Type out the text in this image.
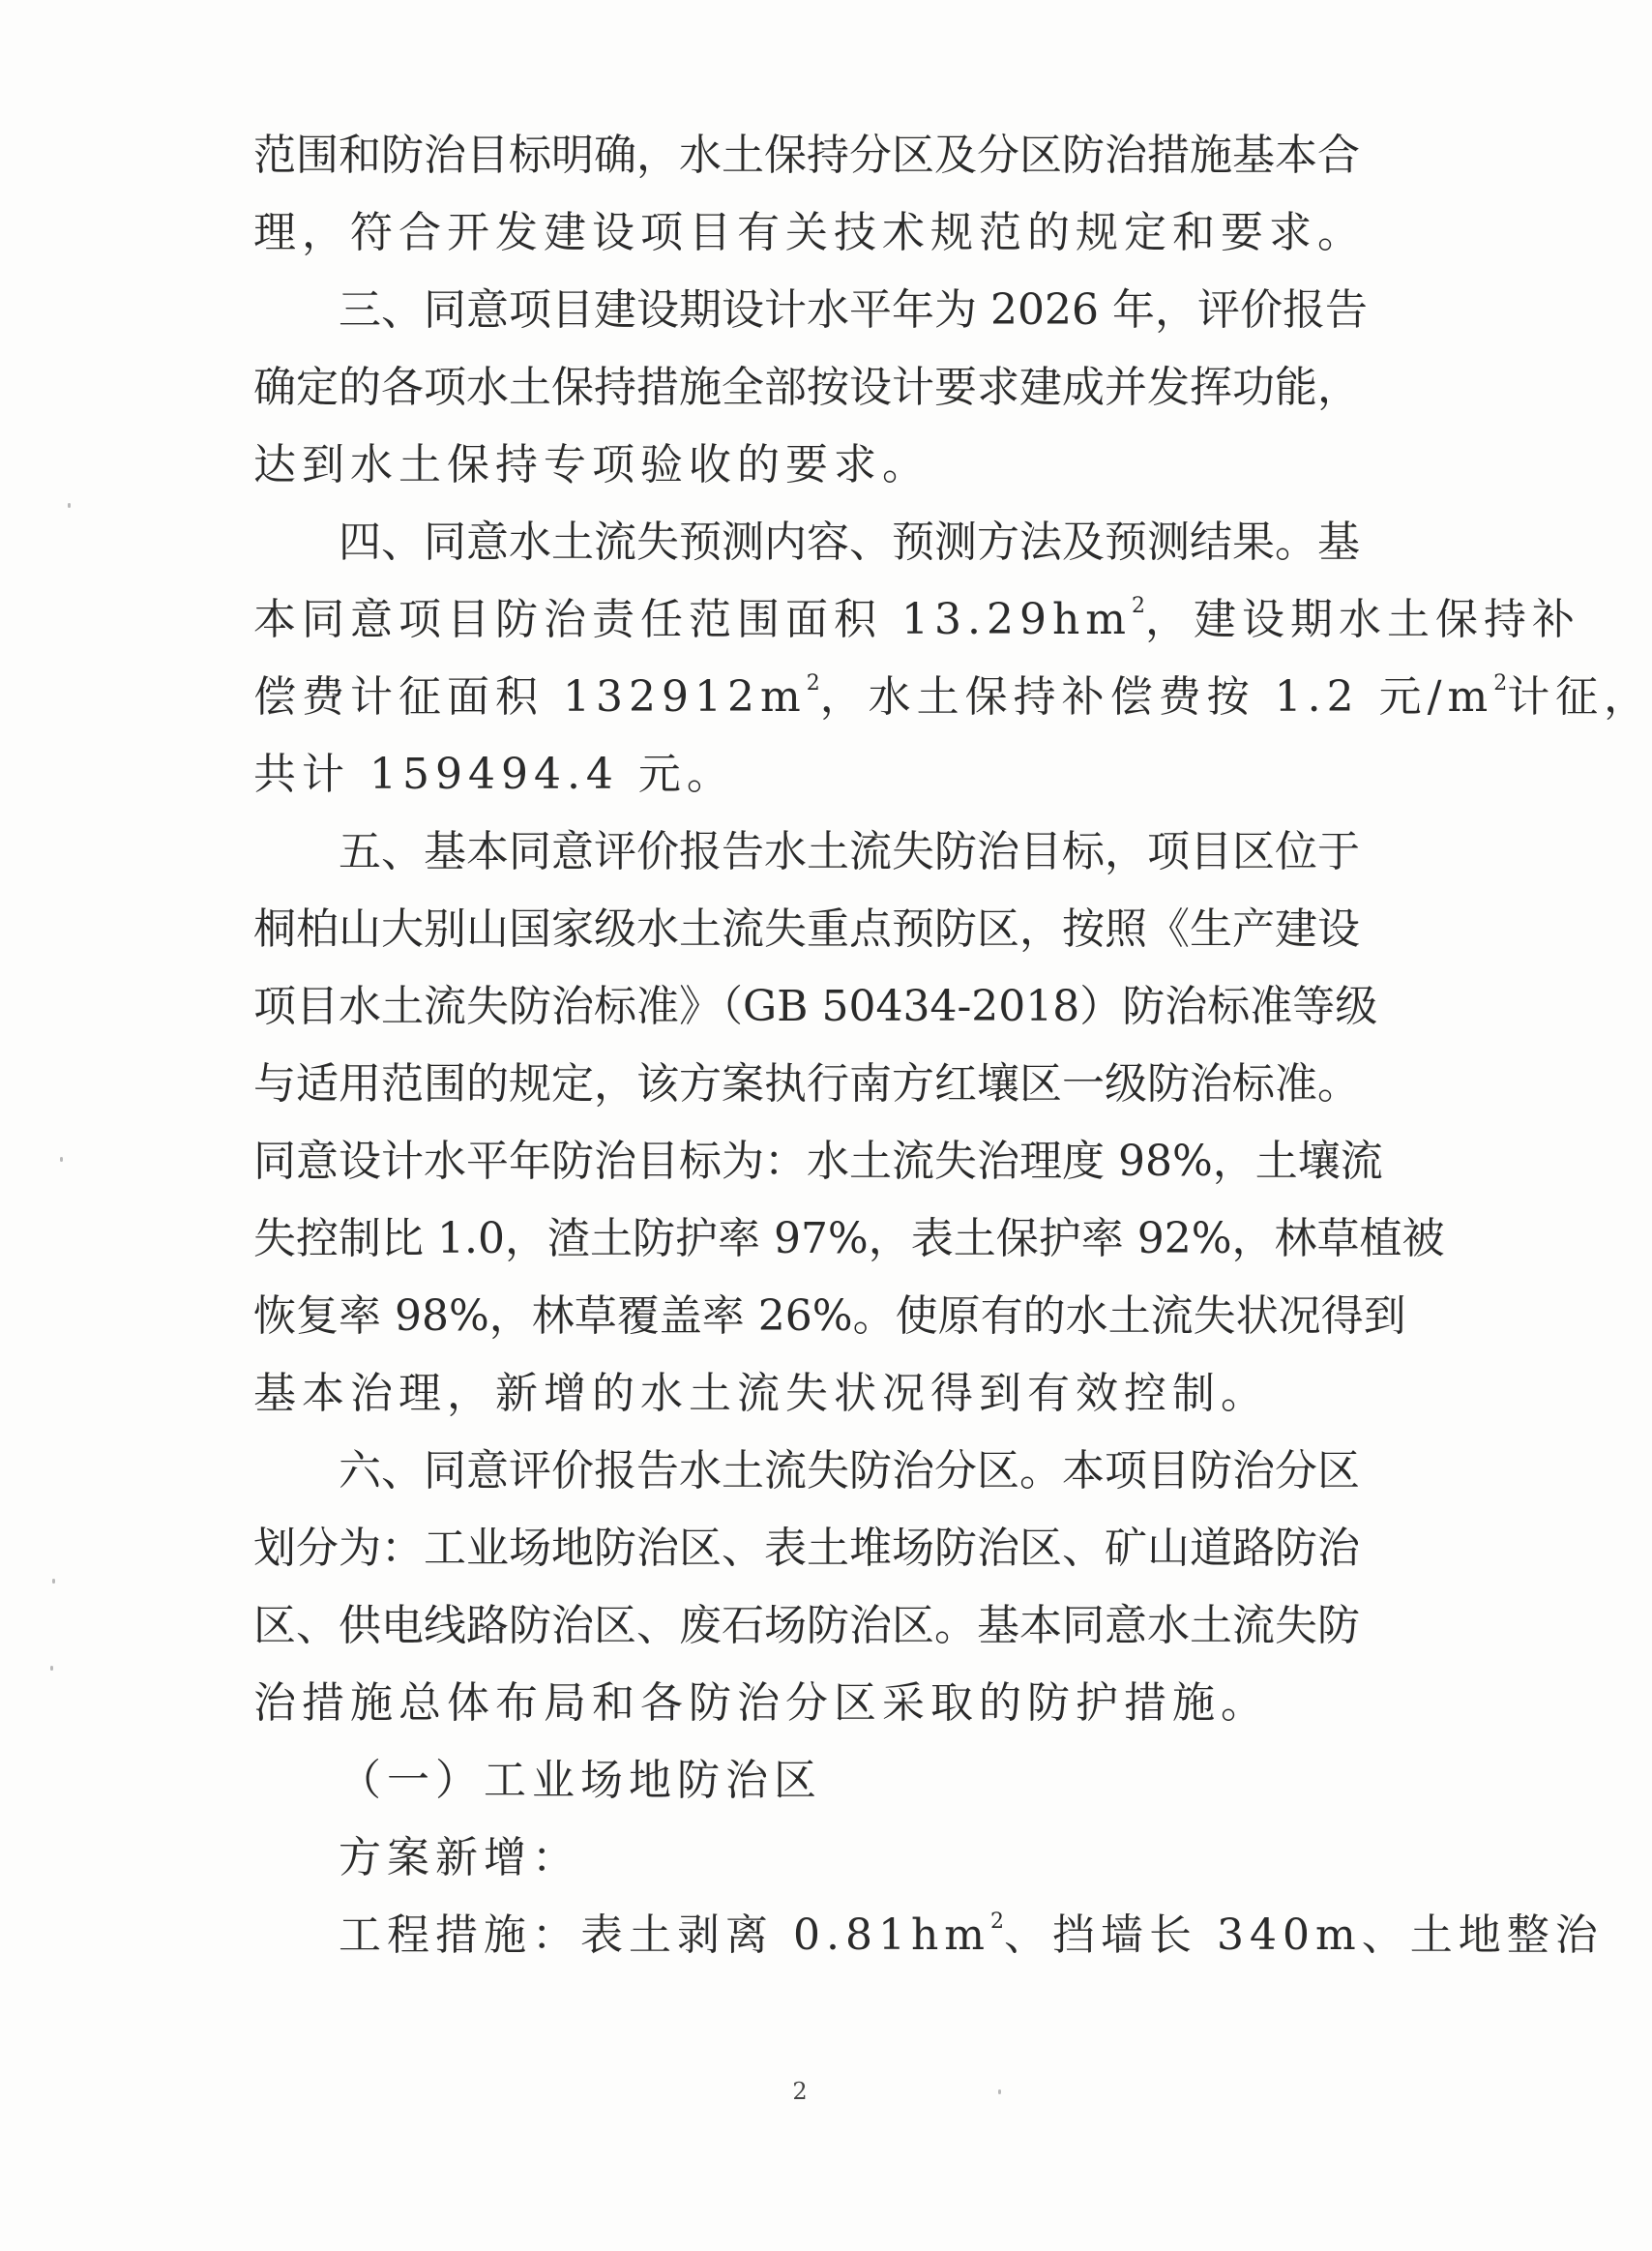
范围和防治目标明确，水土保持分区及分区防治措施基本合
理，符合开发建设项目有关技术规范的规定和要求。
三、同意项目建设期设计水平年为 2026 年，评价报告
确定的各项水土保持措施全部按设计要求建成并发挥功能，
达到水土保持专项验收的要求。
四、同意水土流失预测内容、预测方法及预测结果。基
本同意项目防治责任范围面积 $13.29hm^2$，建设期水土保持补
偿费计征面积 $132912m^2$，水土保持补偿费按 1.2 元$/m^2$计征，
共计 159494.4 元。
五、基本同意评价报告水土流失防治目标，项目区位于
桐柏山大别山国家级水土流失重点预防区，按照《生产建设
项目水土流失防治标准》（GB 50434-2018）防治标准等级
与适用范围的规定，该方案执行南方红壤区一级防治标准。
同意设计水平年防治目标为：水土流失治理度 98%，土壤流
失控制比 1.0，渣土防护率 97%，表土保护率 92%，林草植被
恢复率 98%，林草覆盖率 26%。使原有的水土流失状况得到
基本治理，新增的水土流失状况得到有效控制。
六、同意评价报告水土流失防治分区。本项目防治分区
划分为：工业场地防治区、表土堆场防治区、矿山道路防治
区、供电线路防治区、废石场防治区。基本同意水土流失防
治措施总体布局和各防治分区采取的防护措施。
（一）工业场地防治区
方案新增：
工程措施：表土剥离 $0.81hm^2$、挡墙长 340m、土地整治
2
